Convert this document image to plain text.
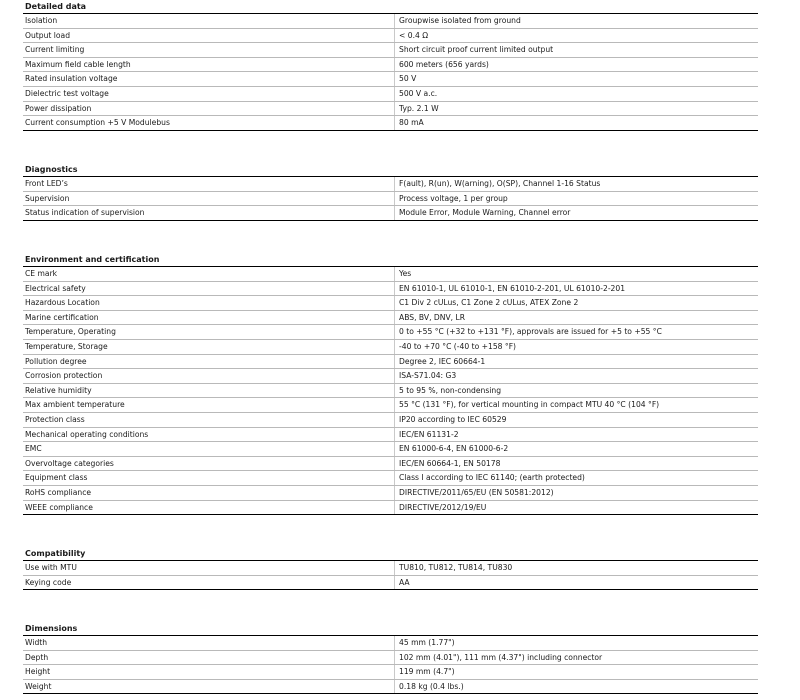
Detailed data
Isolation	Groupwise isolated from ground
Output load	< 0.4 Ω
Current limiting	Short circuit proof current limited output
Maximum field cable length	600 meters (656 yards)
Rated insulation voltage	50 V
Dielectric test voltage	500 V a.c.
Power dissipation	Typ. 2.1 W
Current consumption +5 V Modulebus	80 mA
Diagnostics
Front LED’s	F(ault), R(un), W(arning), O(SP), Channel 1-16 Status
Supervision	Process voltage, 1 per group
Status indication of supervision	Module Error, Module Warning, Channel error
Environment and certification
CE mark	Yes
Electrical safety	EN 61010-1, UL 61010-1, EN 61010-2-201, UL 61010-2-201
Hazardous Location	C1 Div 2 cULus, C1 Zone 2 cULus, ATEX Zone 2
Marine certification	ABS, BV, DNV, LR
Temperature, Operating	0 to +55 °C (+32 to +131 °F), approvals are issued for +5 to +55 °C
Temperature, Storage	-40 to +70 °C (-40 to +158 °F)
Pollution degree	Degree 2, IEC 60664-1
Corrosion protection	ISA-S71.04: G3
Relative humidity	5 to 95 %, non-condensing
Max ambient temperature	55 °C (131 °F), for vertical mounting in compact MTU 40 °C (104 °F)
Protection class	IP20 according to IEC 60529
Mechanical operating conditions	IEC/EN 61131-2
EMC	EN 61000-6-4, EN 61000-6-2
Overvoltage categories	IEC/EN 60664-1, EN 50178
Equipment class	Class I according to IEC 61140; (earth protected)
RoHS compliance	DIRECTIVE/2011/65/EU (EN 50581:2012)
WEEE compliance	DIRECTIVE/2012/19/EU
Compatibility
Use with MTU	TU810, TU812, TU814, TU830
Keying code	AA
Dimensions
Width	45 mm (1.77")
Depth	102 mm (4.01"), 111 mm (4.37") including connector
Height	119 mm (4.7")
Weight	0.18 kg (0.4 lbs.)
